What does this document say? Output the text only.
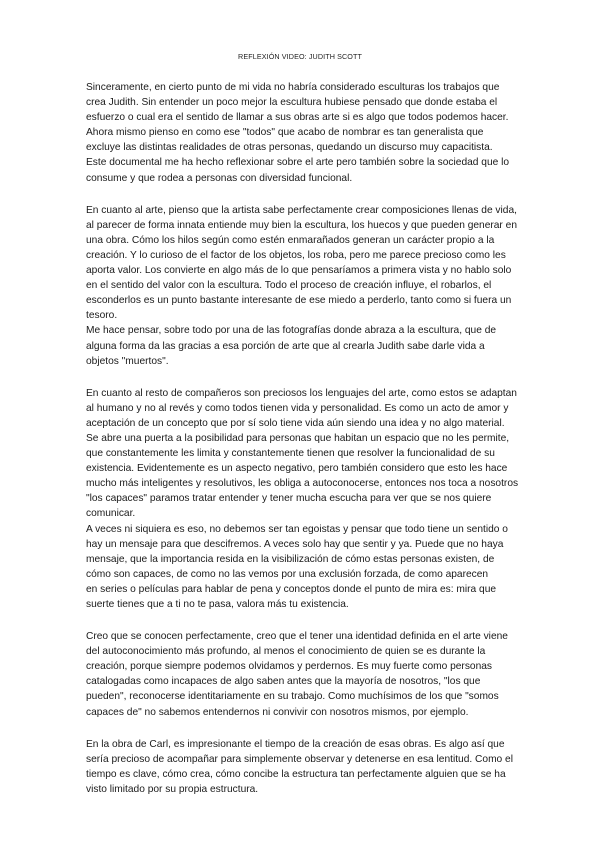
REFLEXIÓN VIDEO: JUDITH SCOTT
Sinceramente, en cierto punto de mi vida no habría considerado esculturas los trabajos que
crea Judith. Sin entender un poco mejor la escultura hubiese pensado que donde estaba el
esfuerzo o cual era el sentido de llamar a sus obras arte si es algo que todos podemos hacer.
Ahora mismo pienso en como ese "todos" que acabo de nombrar es tan generalista que
excluye las distintas realidades de otras personas, quedando un discurso muy capacitista.
Este documental me ha hecho reflexionar sobre el arte pero también sobre la sociedad que lo
consume y que rodea a personas con diversidad funcional.
En cuanto al arte, pienso que la artista sabe perfectamente crear composiciones llenas de vida,
al parecer de forma innata entiende muy bien la escultura, los huecos y que pueden generar en
una obra. Cómo los hilos según como estén enmarañados generan un carácter propio a la
creación. Y lo curioso de el factor de los objetos, los roba, pero me parece precioso como les
aporta valor. Los convierte en algo más de lo que pensaríamos a primera vista y no hablo solo
en el sentido del valor con la escultura. Todo el proceso de creación influye, el robarlos, el
esconderlos es un punto bastante interesante de ese miedo a perderlo, tanto como si fuera un
tesoro.
Me hace pensar, sobre todo por una de las fotografías donde abraza a la escultura, que de
alguna forma da las gracias a esa porción de arte que al crearla Judith sabe darle vida a
objetos "muertos".
En cuanto al resto de compañeros son preciosos los lenguajes del arte, como estos se adaptan
al humano y no al revés y como todos tienen vida y personalidad. Es como un acto de amor y
aceptación de un concepto que por sí solo tiene vida aún siendo una idea y no algo material.
Se abre una puerta a la posibilidad para personas que habitan un espacio que no les permite,
que constantemente les limita y constantemente tienen que resolver la funcionalidad de su
existencia. Evidentemente es un aspecto negativo, pero también considero que esto les hace
mucho más inteligentes y resolutivos, les obliga a autoconocerse, entonces nos toca a nosotros
"los capaces" paramos tratar entender y tener mucha escucha para ver que se nos quiere
comunicar.
A veces ni siquiera es eso, no debemos ser tan egoistas y pensar que todo tiene un sentido o
hay un mensaje para que descifremos. A veces solo hay que sentir y ya. Puede que no haya
mensaje, que la importancia resida en la visibilización de cómo estas personas existen, de
cómo son capaces, de como no las vemos por una exclusión forzada, de como aparecen
en series o películas para hablar de pena y conceptos donde el punto de mira es: mira que
suerte tienes que a ti no te pasa, valora más tu existencia.
Creo que se conocen perfectamente, creo que el tener una identidad definida en el arte viene
del autoconocimiento más profundo, al menos el conocimiento de quien se es durante la
creación, porque siempre podemos olvidamos y perdernos. Es muy fuerte como personas
catalogadas como incapaces de algo saben antes que la mayoría de nosotros, "los que
pueden", reconocerse identitariamente en su trabajo. Como muchísimos de los que "somos
capaces de" no sabemos entendernos ni convivir con nosotros mismos, por ejemplo.
En la obra de Carl, es impresionante el tiempo de la creación de esas obras. Es algo así que
sería precioso de acompañar para simplemente observar y detenerse en esa lentitud. Como el
tiempo es clave, cómo crea, cómo concibe la estructura tan perfectamente alguien que se ha
visto limitado por su propia estructura.
